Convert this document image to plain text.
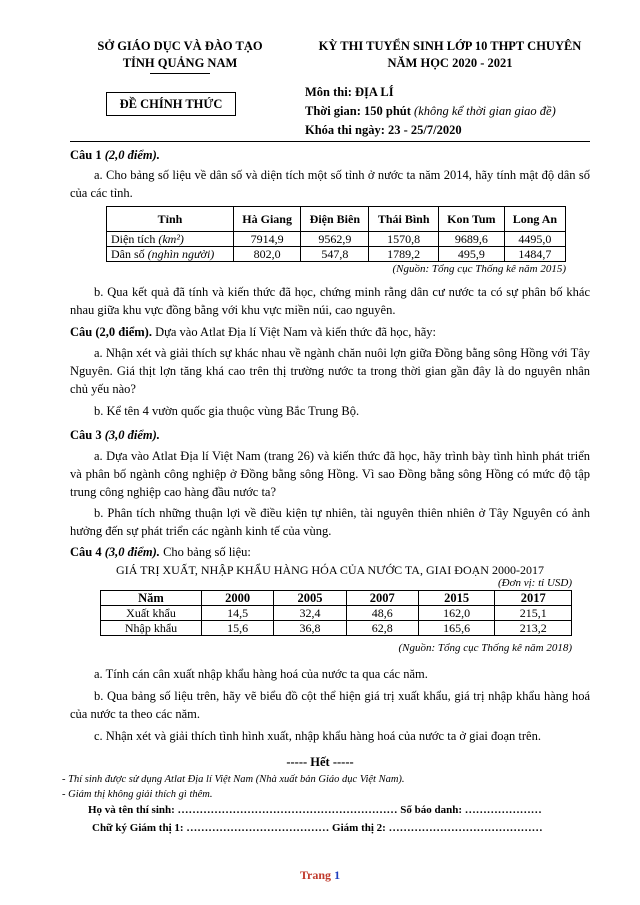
SỞ GIÁO DỤC VÀ ĐÀO TẠO
TỈNH QUẢNG NAM
KỲ THI TUYỂN SINH LỚP 10 THPT CHUYÊN
NĂM HỌC 2020 - 2021
ĐỀ CHÍNH THỨC
Môn thi: ĐỊA LÍ
Thời gian: 150 phút (không kể thời gian giao đề)
Khóa thi ngày: 23 - 25/7/2020
Câu 1 (2,0 điểm).
a. Cho bảng số liệu về dân số và diện tích một số tỉnh ở nước ta năm 2014, hãy tính mật độ dân số của các tỉnh.
Tỉnh	Hà Giang	Điện Biên	Thái Bình	Kon Tum	Long An
Diện tích (km²)	7914,9	9562,9	1570,8	9689,6	4495,0
Dân số (nghìn người)	802,0	547,8	1789,2	495,9	1484,7
(Nguồn: Tổng cục Thống kê năm 2015)
b. Qua kết quả đã tính và kiến thức đã học, chứng minh rằng dân cư nước ta có sự phân bố khác nhau giữa khu vực đồng bằng với khu vực miền núi, cao nguyên.
Câu (2,0 điểm). Dựa vào Atlat Địa lí Việt Nam và kiến thức đã học, hãy:
a. Nhận xét và giải thích sự khác nhau về ngành chăn nuôi lợn giữa Đồng bằng sông Hồng với Tây Nguyên. Giá thịt lợn tăng khá cao trên thị trường nước ta trong thời gian gần đây là do nguyên nhân chủ yếu nào?
b. Kể tên 4 vườn quốc gia thuộc vùng Bắc Trung Bộ.
Câu 3 (3,0 điểm).
a. Dựa vào Atlat Địa lí Việt Nam (trang 26) và kiến thức đã học, hãy trình bày tình hình phát triển và phân bố ngành công nghiệp ở Đồng bằng sông Hồng. Vì sao Đồng bằng sông Hồng có mức độ tập trung công nghiệp cao hàng đầu nước ta?
b. Phân tích những thuận lợi về điều kiện tự nhiên, tài nguyên thiên nhiên ở Tây Nguyên có ảnh hưởng đến sự phát triển các ngành kinh tế của vùng.
Câu 4 (3,0 điểm). Cho bảng số liệu:
GIÁ TRỊ XUẤT, NHẬP KHẨU HÀNG HÓA CỦA NƯỚC TA, GIAI ĐOẠN 2000-2017
(Đơn vị: tỉ USD)
Năm	2000	2005	2007	2015	2017
Xuất khẩu	14,5	32,4	48,6	162,0	215,1
Nhập khẩu	15,6	36,8	62,8	165,6	213,2
(Nguồn: Tổng cục Thống kê năm 2018)
a. Tính cán cân xuất nhập khẩu hàng hoá của nước ta qua các năm.
b. Qua bảng số liệu trên, hãy vẽ biểu đồ cột thể hiện giá trị xuất khẩu, giá trị nhập khẩu hàng hoá của nước ta theo các năm.
c. Nhận xét và giải thích tình hình xuất, nhập khẩu hàng hoá của nước ta ở giai đoạn trên.
----- Hết -----
- Thí sinh được sử dụng Atlat Địa lí Việt Nam (Nhà xuất bản Giáo dục Việt Nam).
- Giám thị không giải thích gì thêm.
Họ và tên thí sinh: …………………………………………………… Số báo danh: …………………
Chữ ký Giám thị 1: ………………………………… Giám thị 2: ……………………………………
Trang 1
